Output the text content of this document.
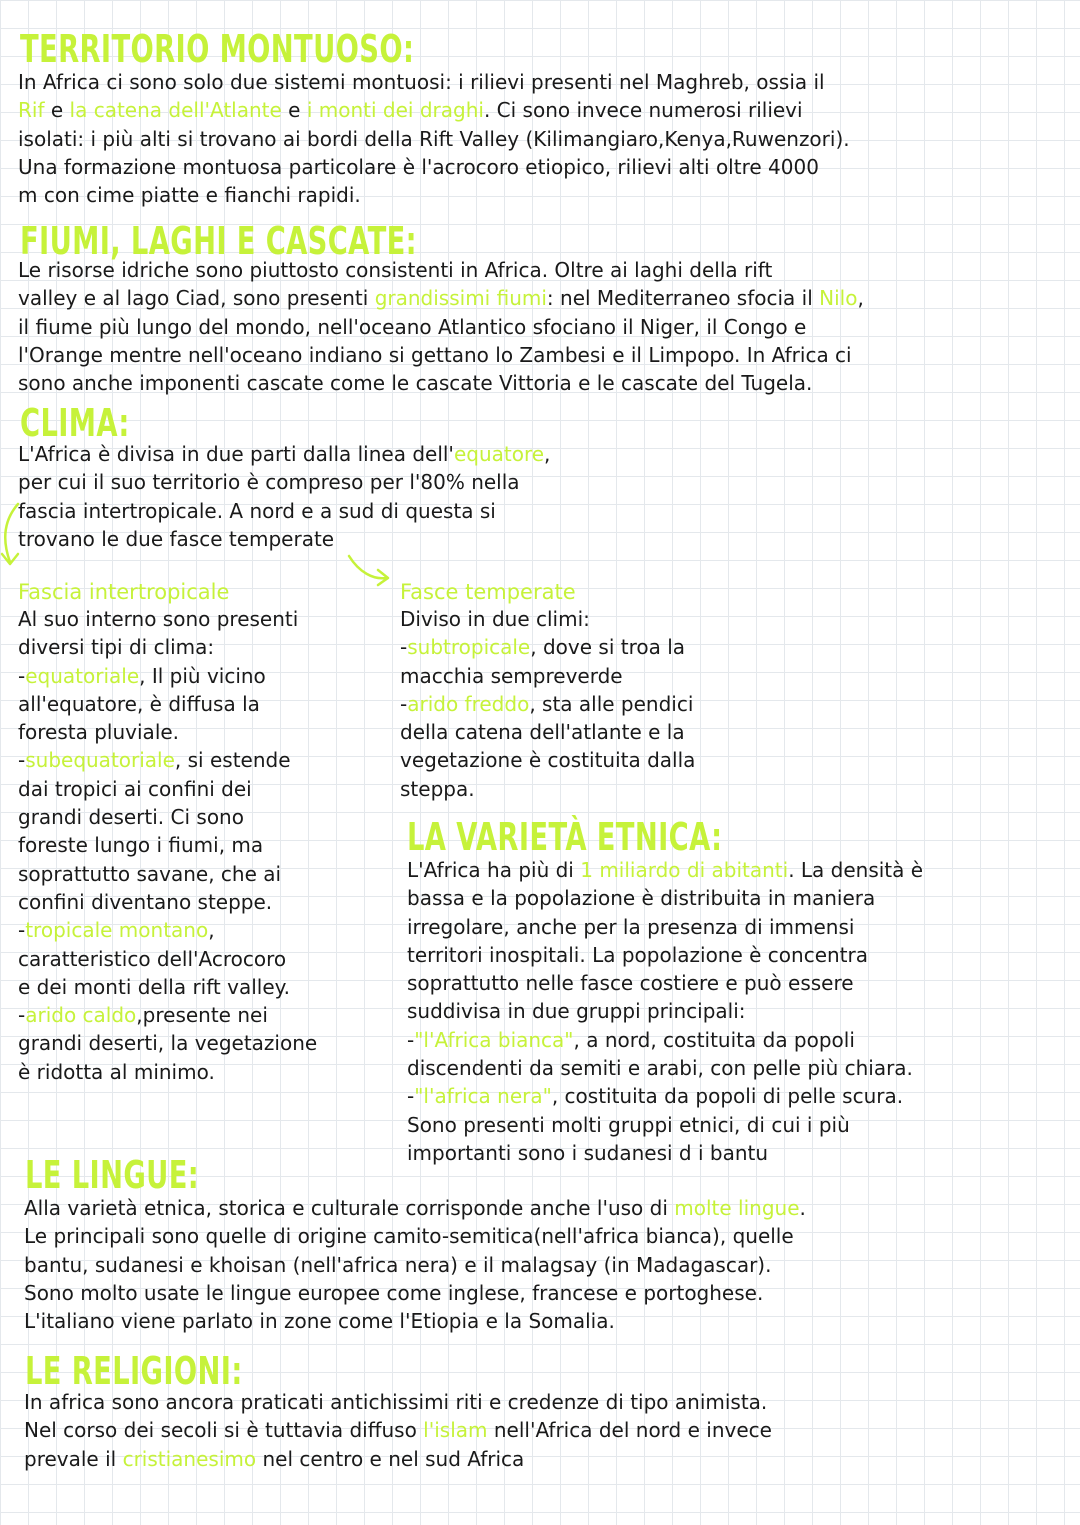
TERRITORIO MONTUOSO:
In Africa ci sono solo due sistemi montuosi: i rilievi presenti nel Maghreb, ossia il
Rif e la catena dell'Atlante e i monti dei draghi. Ci sono invece numerosi rilievi
isolati: i più alti si trovano ai bordi della Rift Valley (Kilimangiaro,Kenya,Ruwenzori).
Una formazione montuosa particolare è l'acrocoro etiopico, rilievi alti oltre 4000
m con cime piatte e fianchi rapidi.
FIUMI, LAGHI E CASCATE:
Le risorse idriche sono piuttosto consistenti in Africa. Oltre ai laghi della rift
valley e al lago Ciad, sono presenti grandissimi fiumi: nel Mediterraneo sfocia il Nilo,
il fiume più lungo del mondo, nell'oceano Atlantico sfociano il Niger, il Congo e
l'Orange mentre nell'oceano indiano si gettano lo Zambesi e il Limpopo. In Africa ci
sono anche imponenti cascate come le cascate Vittoria e le cascate del Tugela.
CLIMA:
L'Africa è divisa in due parti dalla linea dell'equatore,
per cui il suo territorio è compreso per l'80% nella
fascia intertropicale. A nord e a sud di questa si
trovano le due fasce temperate
Fascia intertropicale
Al suo interno sono presenti
diversi tipi di clima:
-equatoriale, Il più vicino
all'equatore, è diffusa la
foresta pluviale.
-subequatoriale, si estende
dai tropici ai confini dei
grandi deserti. Ci sono
foreste lungo i fiumi, ma
soprattutto savane, che ai
confini diventano steppe.
-tropicale montano,
caratteristico dell'Acrocoro
e dei monti della rift valley.
-arido caldo,presente nei
grandi deserti, la vegetazione
è ridotta al minimo.
Fasce temperate
Diviso in due climi:
-subtropicale, dove si troa la
macchia sempreverde
-arido freddo, sta alle pendici
della catena dell'atlante e la
vegetazione è costituita dalla
steppa.
LA VARIETÀ ETNICA:
L'Africa ha più di 1 miliardo di abitanti. La densità è
bassa e la popolazione è distribuita in maniera
irregolare, anche per la presenza di immensi
territori inospitali. La popolazione è concentra
soprattutto nelle fasce costiere e può essere
suddivisa in due gruppi principali:
-"l'Africa bianca", a nord, costituita da popoli
discendenti da semiti e arabi, con pelle più chiara.
-"l'africa nera", costituita da popoli di pelle scura.
Sono presenti molti gruppi etnici, di cui i più
importanti sono i sudanesi d i bantu
LE LINGUE:
Alla varietà etnica, storica e culturale corrisponde anche l'uso di molte lingue.
Le principali sono quelle di origine camito-semitica(nell'africa bianca), quelle
bantu, sudanesi e khoisan (nell'africa nera) e il malagsay (in Madagascar).
Sono molto usate le lingue europee come inglese, francese e portoghese.
L'italiano viene parlato in zone come l'Etiopia e la Somalia.
LE RELIGIONI:
In africa sono ancora praticati antichissimi riti e credenze di tipo animista.
Nel corso dei secoli si è tuttavia diffuso l'islam nell'Africa del nord e invece
prevale il cristianesimo nel centro e nel sud Africa
